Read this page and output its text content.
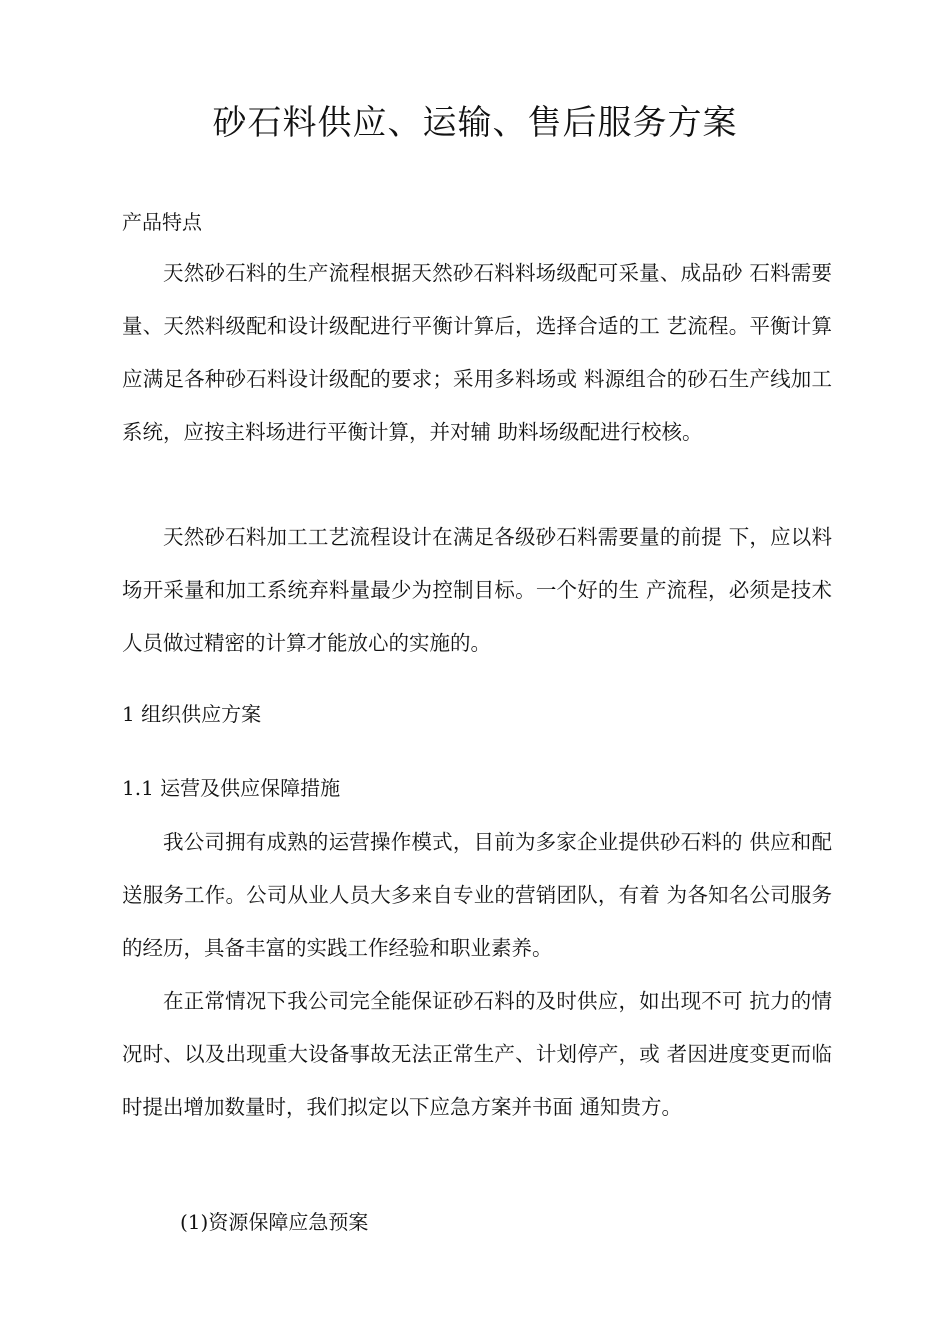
砂石料供应、运输、售后服务方案
产品特点

天然砂石料的生产流程根据天然砂石料料场级配可采量、成品砂 石料需要量、天然料级配和设计级配进行平衡计算后，选择合适的工 艺流程。平衡计算应满足各种砂石料设计级配的要求；采用多料场或 料源组合的砂石生产线加工系统，应按主料场进行平衡计算，并对辅 助料场级配进行校核。

天然砂石料加工工艺流程设计在满足各级砂石料需要量的前提 下，应以料场开采量和加工系统弃料量最少为控制目标。一个好的生 产流程，必须是技术人员做过精密的计算才能放心的实施的。

1 组织供应方案
1.1 运营及供应保障措施

我公司拥有成熟的运营操作模式，目前为多家企业提供砂石料的 供应和配送服务工作。公司从业人员大多来自专业的营销团队，有着 为各知名公司服务的经历，具备丰富的实践工作经验和职业素养。

在正常情况下我公司完全能保证砂石料的及时供应，如出现不可 抗力的情况时、以及出现重大设备事故无法正常生产、计划停产，或 者因进度变更而临时提出增加数量时，我们拟定以下应急方案并书面 通知贵方。

(1)资源保障应急预案
